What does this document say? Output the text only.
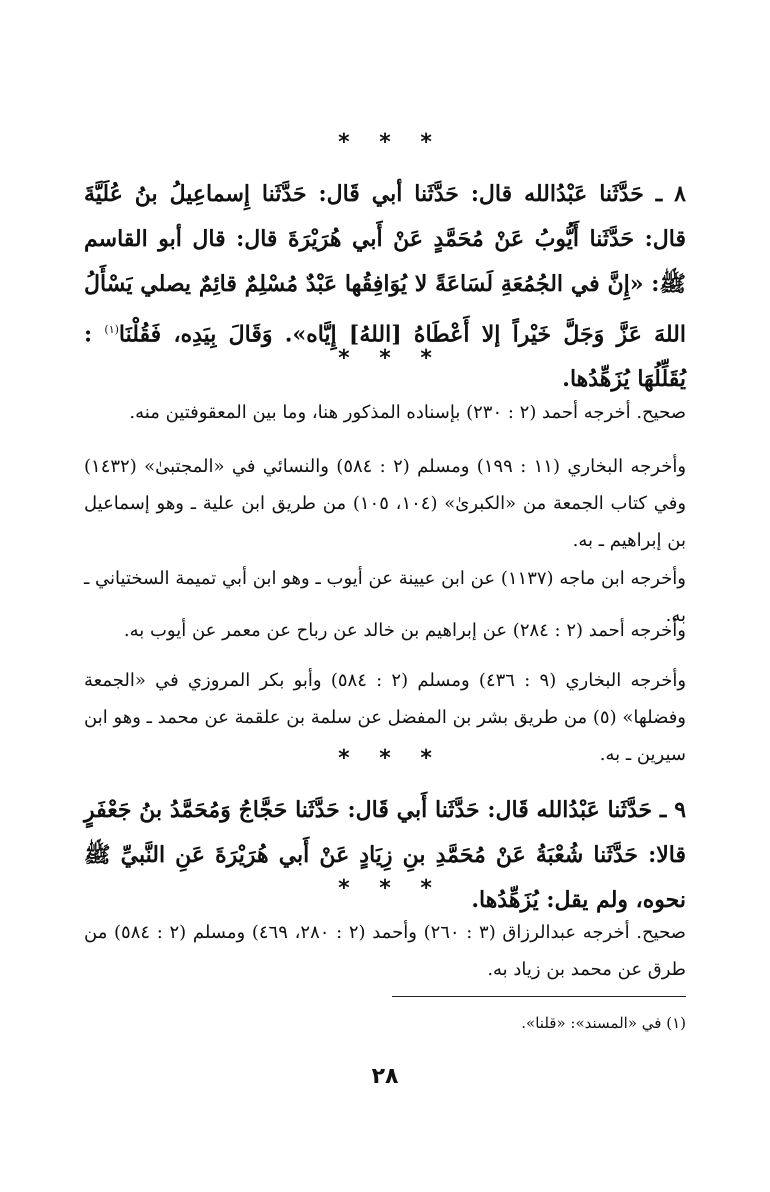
* * *
٨ ـ حَدَّثَنا عَبْدُالله قال: حَدَّثَنا أبي قَال: حَدَّثَنا إِسماعِيلُ بنُ عُلَيَّةَ قال: حَدَّثَنا أَيُّوبُ عَنْ مُحَمَّدٍ عَنْ أَبي هُرَيْرَةَ قال: قال أبو القاسم ﷺ: «إِنَّ في الجُمُعَةِ لَسَاعَةً لا يُوَافِقُها عَبْدٌ مُسْلِمٌ قائِمٌ يصلي يَسْأَلُ اللهَ عَزَّ وَجَلَّ خَيْراً إلا أَعْطَاهُ [اللهُ] إِيَّاه». وَقَالَ بِيَدِه، فَقُلْنَا$^{(١)}$ : يُقَلِّلُهَا يُزَهِّدُها.
* * *
صحيح. أخرجه أحمد (٢ : ٢٣٠) بإسناده المذكور هنا، وما بين المعقوفتين منه.
وأخرجه البخاري (١١ : ١٩٩) ومسلم (٢ : ٥٨٤) والنسائي في «المجتبىٰ» (١٤٣٢) وفي كتاب الجمعة من «الكبرىٰ» (١٠٤، ١٠٥) من طريق ابن علية ـ وهو إسماعيل بن إبراهيم ـ به.
وأخرجه ابن ماجه (١١٣٧) عن ابن عيينة عن أيوب ـ وهو ابن أبي تميمة السختياني ـ به.
وأخرجه أحمد (٢ : ٢٨٤) عن إبراهيم بن خالد عن رباح عن معمر عن أيوب به.
وأخرجه البخاري (٩ : ٤٣٦) ومسلم (٢ : ٥٨٤) وأبو بكر المروزي في «الجمعة وفضلها» (٥) من طريق بشر بن المفضل عن سلمة بن علقمة عن محمد ـ وهو ابن سيرين ـ به.
* * *
٩ ـ حَدَّثَنا عَبْدُالله قَال: حَدَّثَنا أَبي قَال: حَدَّثَنا حَجَّاجُ وَمُحَمَّدُ بنُ جَعْفَرٍ قالا: حَدَّثَنا شُعْبَةُ عَنْ مُحَمَّدِ بنِ زِيَادٍ عَنْ أَبي هُرَيْرَةَ عَنِ النَّبيِّ ﷺ نحوه، ولم يقل: يُزَهِّدُها.
* * *
صحيح. أخرجه عبدالرزاق (٣ : ٢٦٠) وأحمد (٢ : ٢٨٠، ٤٦٩) ومسلم (٢ : ٥٨٤) من طرق عن محمد بن زياد به.
(١) في «المسند»: «قلنا».
٢٨
